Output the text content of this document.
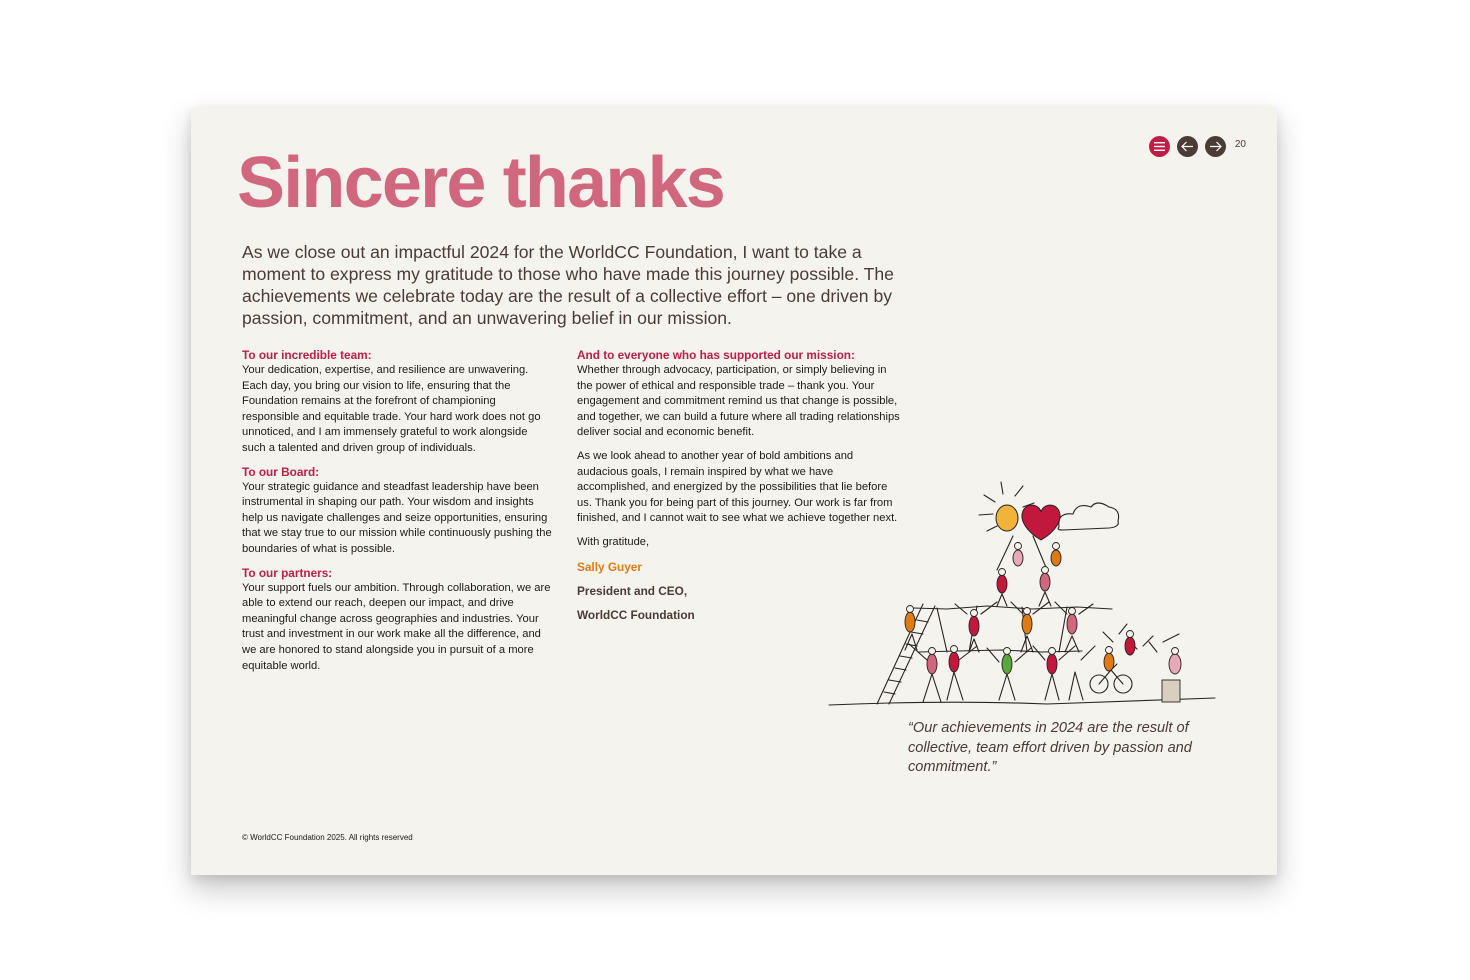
20
Sincere thanks

As we close out an impactful 2024 for the WorldCC Foundation, I want to take a moment to express my gratitude to those who have made this journey possible. The achievements we celebrate today are the result of a collective effort – one driven by passion, commitment, and an unwavering belief in our mission.

To our incredible team:

Your dedication, expertise, and resilience are unwavering. Each day, you bring our vision to life, ensuring that the Foundation remains at the forefront of championing responsible and equitable trade. Your hard work does not go unnoticed, and I am immensely grateful to work alongside such a talented and driven group of individuals.

To our Board:

Your strategic guidance and steadfast leadership have been instrumental in shaping our path. Your wisdom and insights help us navigate challenges and seize opportunities, ensuring that we stay true to our mission while continuously pushing the boundaries of what is possible.

To our partners:

Your support fuels our ambition. Through collaboration, we are able to extend our reach, deepen our impact, and drive meaningful change across geographies and industries. Your trust and investment in our work make all the difference, and we are honored to stand alongside you in pursuit of a more equitable world.

And to everyone who has supported our mission:

Whether through advocacy, participation, or simply believing in the power of ethical and responsible trade – thank you. Your engagement and commitment remind us that change is possible, and together, we can build a future where all trading relationships deliver social and economic benefit.

As we look ahead to another year of bold ambitions and audacious goals, I remain inspired by what we have accomplished, and energized by the possibilities that lie before us. Thank you for being part of this journey. Our work is far from finished, and I cannot wait to see what we achieve together next.

With gratitude,

Sally Guyer

President and CEO,

WorldCC Foundation

“Our achievements in 2024 are the result of collective, team effort driven by passion and commitment.”

© WorldCC Foundation 2025. All rights reserved
